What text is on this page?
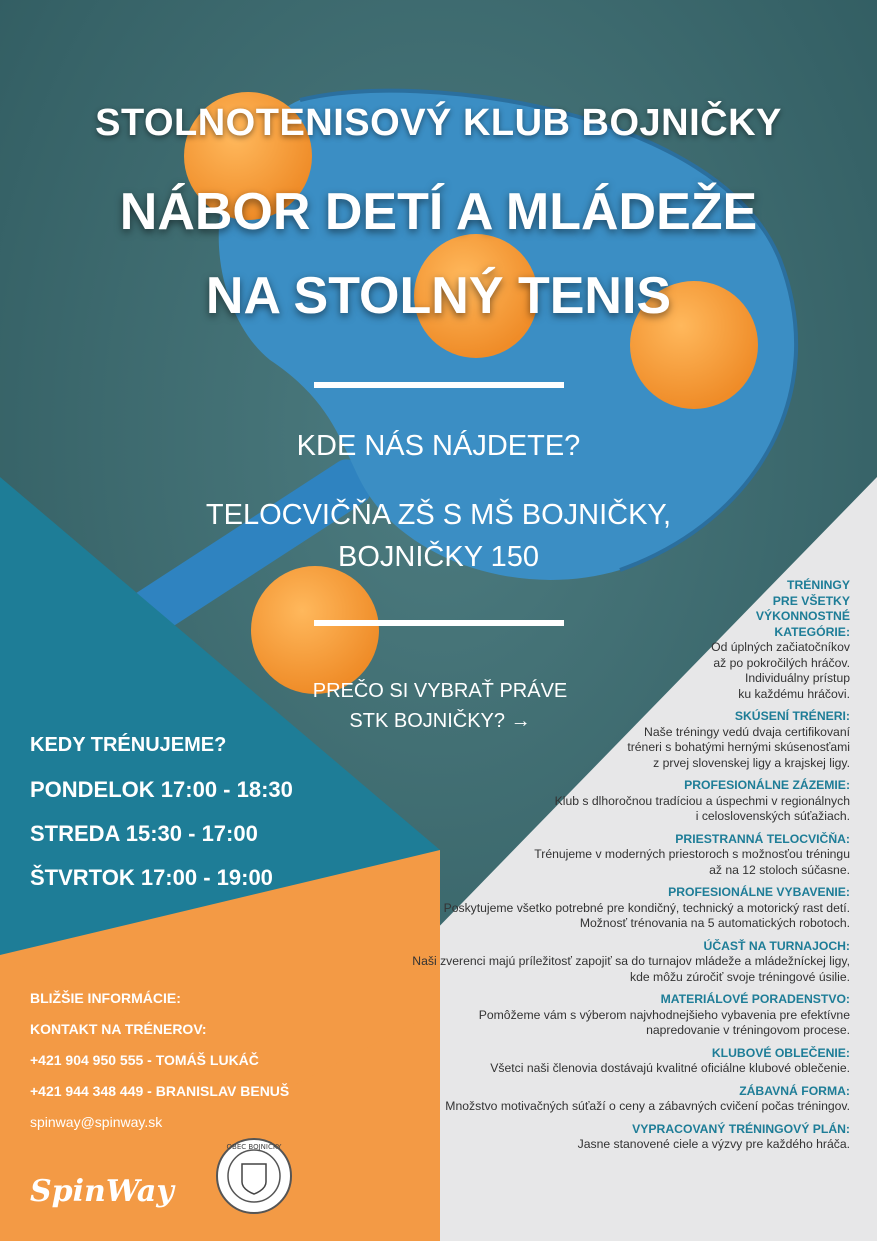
STOLNOTENISOVÝ KLUB BOJNIČKY
NÁBOR DETÍ A MLÁDEŽE
NA STOLNÝ TENIS
KDE NÁS NÁJDETE?
TELOCVIČŇA ZŠ S MŠ BOJNIČKY,
BOJNIČKY 150
PREČO SI VYBRAŤ PRÁVE
STK BOJNIČKY? →
KEDY TRÉNUJEME?
PONDELOK 17:00 - 18:30
STREDA 15:30 - 17:00
ŠTVRTOK 17:00 - 19:00
BLIŽŠIE INFORMÁCIE:
KONTAKT NA TRÉNEROV:
+421 904 950 555 - TOMÁŠ LUKÁČ
+421 944 348 449 - BRANISLAV BENUŠ
spinway@spinway.sk
SpinWay
OBEC BOJNIČKY
TRÉNINGY
PRE VŠETKY
VÝKONNOSTNÉ
KATEGÓRIE:
Od úplných začiatočníkov
až po pokročilých hráčov.
Individuálny prístup
ku každému hráčovi.
SKÚSENÍ TRÉNERI:
Naše tréningy vedú dvaja certifikovaní
tréneri s bohatými hernými skúsenosťami
z prvej slovenskej ligy a krajskej ligy.
PROFESIONÁLNE ZÁZEMIE:
Klub s dlhoročnou tradíciou a úspechmi v regionálnych
i celoslovenských súťažiach.
PRIESTRANNÁ TELOCVIČŇA:
Trénujeme v moderných priestoroch s možnosťou tréningu
až na 12 stoloch súčasne.
PROFESIONÁLNE VYBAVENIE:
Poskytujeme všetko potrebné pre kondičný, technický a motorický rast detí.
Možnosť trénovania na 5 automatických robotoch.
ÚČASŤ NA TURNAJOCH:
Naši zverenci majú príležitosť zapojiť sa do turnajov mládeže a mládežníckej ligy,
kde môžu zúročiť svoje tréningové úsilie.
MATERIÁLOVÉ PORADENSTVO:
Pomôžeme vám s výberom najvhodnejšieho vybavenia pre efektívne
napredovanie v tréningovom procese.
KLUBOVÉ OBLEČENIE:
Všetci naši členovia dostávajú kvalitné oficiálne klubové oblečenie.
ZÁBAVNÁ FORMA:
Množstvo motivačných súťaží o ceny a zábavných cvičení počas tréningov.
VYPRACOVANÝ TRÉNINGOVÝ PLÁN:
Jasne stanovené ciele a výzvy pre každého hráča.
